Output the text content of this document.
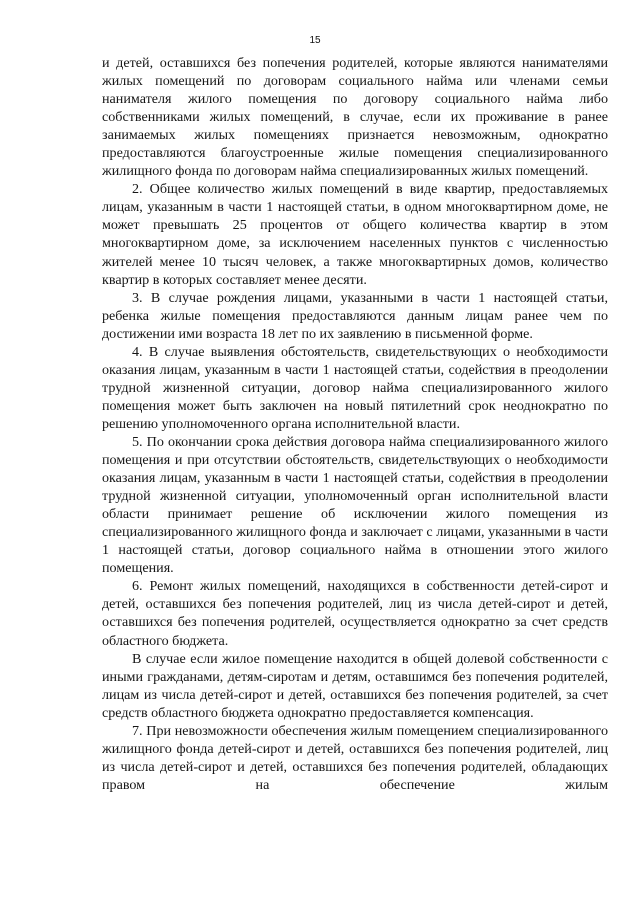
15

и детей, оставшихся без попечения родителей, которые являются нанимателями жилых помещений по договорам социального найма или членами семьи нанимателя жилого помещения по договору социального найма либо собственниками жилых помещений, в случае, если их проживание в ранее занимаемых жилых помещениях признается невозможным, однократно предоставляются благоустроенные жилые помещения специализированного жилищного фонда по договорам найма специализированных жилых помещений.

2. Общее количество жилых помещений в виде квартир, предоставляемых лицам, указанным в части 1 настоящей статьи, в одном многоквартирном доме, не может превышать 25 процентов от общего количества квартир в этом многоквартирном доме, за исключением населенных пунктов с численностью жителей менее 10 тысяч человек, а также многоквартирных домов, количество квартир в которых составляет менее десяти.

3. В случае рождения лицами, указанными в части 1 настоящей статьи, ребенка жилые помещения предоставляются данным лицам ранее чем по достижении ими возраста 18 лет по их заявлению в письменной форме.

4. В случае выявления обстоятельств, свидетельствующих о необходимости оказания лицам, указанным в части 1 настоящей статьи, содействия в преодолении трудной жизненной ситуации, договор найма специализированного жилого помещения может быть заключен на новый пятилетний срок неоднократно по решению уполномоченного органа исполнительной власти.

5. По окончании срока действия договора найма специализированного жилого помещения и при отсутствии обстоятельств, свидетельствующих о необходимости оказания лицам, указанным в части 1 настоящей статьи, содействия в преодолении трудной жизненной ситуации, уполномоченный орган исполнительной власти области принимает решение об исключении жилого помещения из специализированного жилищного фонда и заключает с лицами, указанными в части 1 настоящей статьи, договор социального найма в отношении этого жилого помещения.

6. Ремонт жилых помещений, находящихся в собственности детей-сирот и детей, оставшихся без попечения родителей, лиц из числа детей-сирот и детей, оставшихся без попечения родителей, осуществляется однократно за счет средств областного бюджета.

В случае если жилое помещение находится в общей долевой собственности с иными гражданами, детям-сиротам и детям, оставшимся без попечения родителей, лицам из числа детей-сирот и детей, оставшихся без попечения родителей, за счет средств областного бюджета однократно предоставляется компенсация.

7. При невозможности обеспечения жилым помещением специализированного жилищного фонда детей-сирот и детей, оставшихся без попечения родителей, лиц из числа детей-сирот и детей, оставшихся без попечения родителей, обладающих правом на обеспечение жилым
